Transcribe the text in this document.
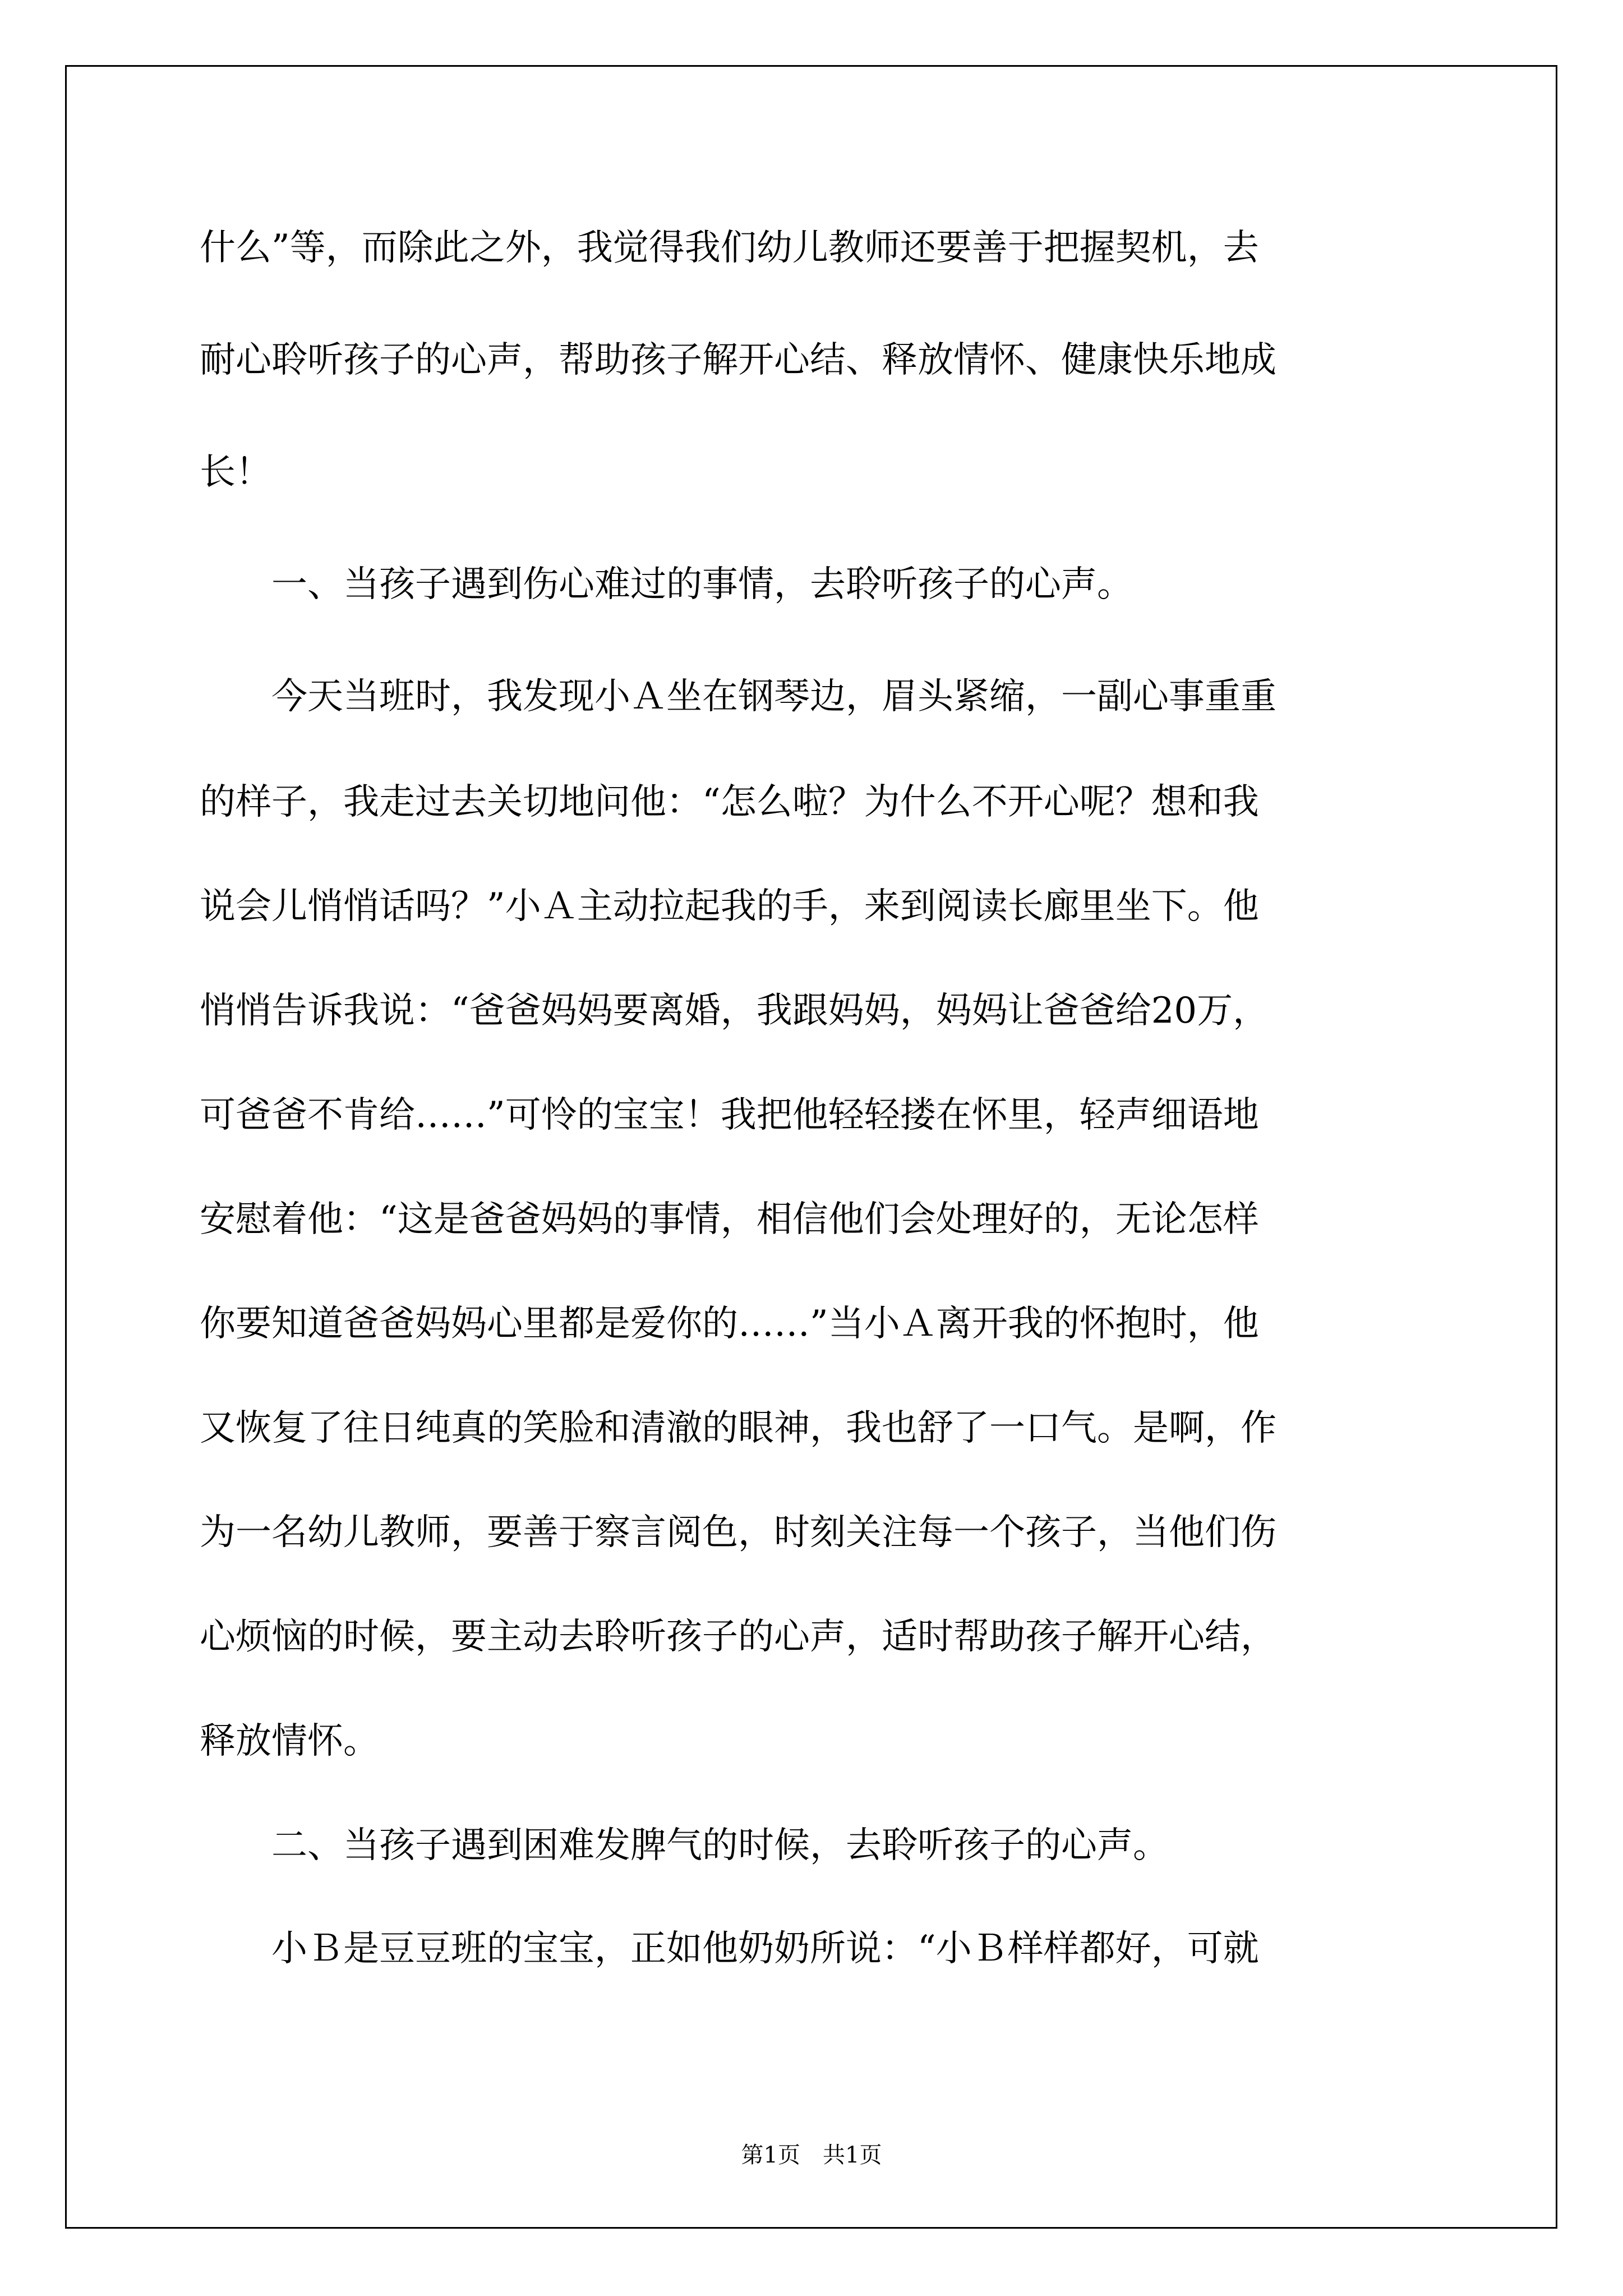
什么”等，而除此之外，我觉得我们幼儿教师还要善于把握契机，去
耐心聆听孩子的心声，帮助孩子解开心结、释放情怀、健康快乐地成
长！
　　一、当孩子遇到伤心难过的事情，去聆听孩子的心声。
　　今天当班时，我发现小Ａ坐在钢琴边，眉头紧缩，一副心事重重
的样子，我走过去关切地问他：“怎么啦？为什么不开心呢？想和我
说会儿悄悄话吗？”小Ａ主动拉起我的手，来到阅读长廊里坐下。他
悄悄告诉我说：“爸爸妈妈要离婚，我跟妈妈，妈妈让爸爸给20万，
可爸爸不肯给……”可怜的宝宝！我把他轻轻搂在怀里，轻声细语地
安慰着他：“这是爸爸妈妈的事情，相信他们会处理好的，无论怎样
你要知道爸爸妈妈心里都是爱你的……”当小Ａ离开我的怀抱时，他
又恢复了往日纯真的笑脸和清澈的眼神，我也舒了一口气。是啊，作
为一名幼儿教师，要善于察言阅色，时刻关注每一个孩子，当他们伤
心烦恼的时候，要主动去聆听孩子的心声，适时帮助孩子解开心结，
释放情怀。
　　二、当孩子遇到困难发脾气的时候，去聆听孩子的心声。
　　小Ｂ是豆豆班的宝宝，正如他奶奶所说：“小Ｂ样样都好，可就
第1页　共1页
